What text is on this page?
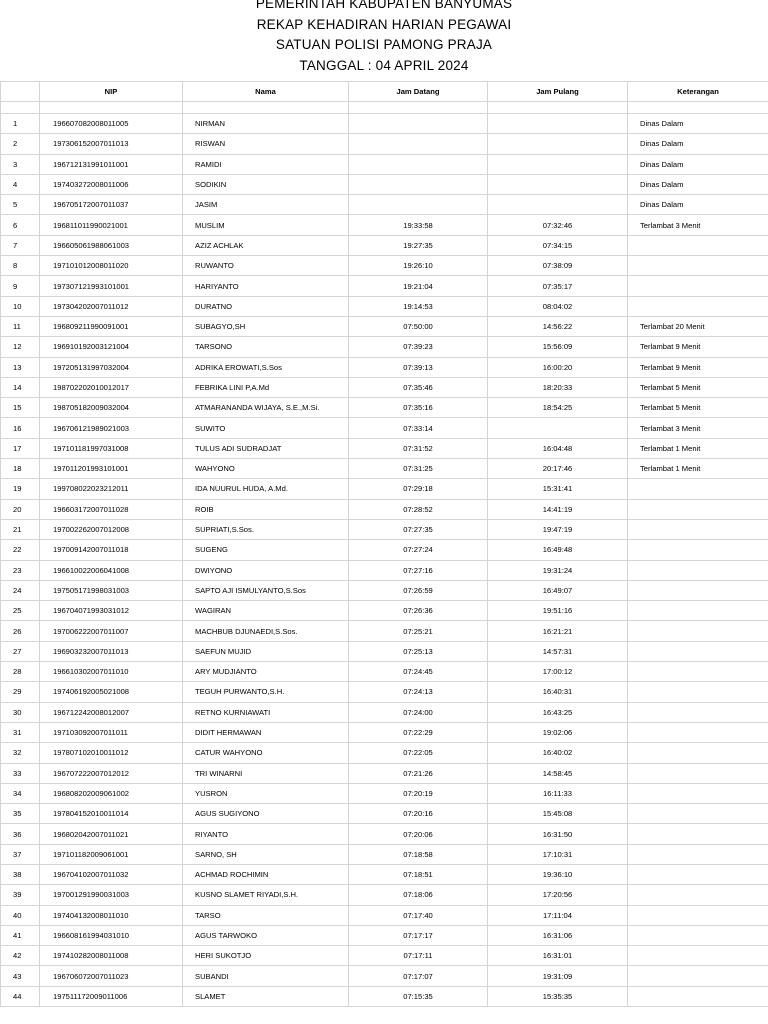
PEMERINTAH KABUPATEN BANYUMAS
REKAP KEHADIRAN HARIAN PEGAWAI
SATUAN POLISI PAMONG PRAJA
TANGGAL : 04 APRIL 2024
	NIP	Nama	Jam Datang	Jam Pulang	Keterangan

1	196607082008011005	NIRMAN			Dinas Dalam
2	197306152007011013	RISWAN			Dinas Dalam
3	196712131991011001	RAMIDI			Dinas Dalam
4	197403272008011006	SODIKIN			Dinas Dalam
5	196705172007011037	JASIM			Dinas Dalam
6	196811011990021001	MUSLIM	19:33:58	07:32:46	Terlambat 3 Menit
7	196605061988061003	AZIZ ACHLAK	19:27:35	07:34:15	
8	197101012008011020	RUWANTO	19:26:10	07:38:09	
9	197307121993101001	HARIYANTO	19:21:04	07:35:17	
10	197304202007011012	DURATNO	19:14:53	08:04:02	
11	196809211990091001	SUBAGYO,SH	07:50:00	14:56:22	Terlambat 20 Menit
12	196910192003121004	TARSONO	07:39:23	15:56:09	Terlambat 9 Menit
13	197205131997032004	ADRIKA EROWATI,S.Sos	07:39:13	16:00:20	Terlambat 9 Menit
14	198702202010012017	FEBRIKA LINI P,A.Md	07:35:46	18:20:33	Terlambat 5 Menit
15	198705182009032004	ATMARANANDA WIJAYA, S.E.,M.Si.	07:35:16	18:54:25	Terlambat 5 Menit
16	196706121989021003	SUWITO	07:33:14		Terlambat 3 Menit
17	197101181997031008	TULUS ADI SUDRADJAT	07:31:52	16:04:48	Terlambat 1 Menit
18	197011201993101001	WAHYONO	07:31:25	20:17:46	Terlambat 1 Menit
19	199708022023212011	IDA NUURUL HUDA, A.Md.	07:29:18	15:31:41	
20	196603172007011028	ROIB	07:28:52	14:41:19	
21	197002262007012008	SUPRIATI,S.Sos.	07:27:35	19:47:19	
22	197009142007011018	SUGENG	07:27:24	16:49:48	
23	196610022006041008	DWIYONO	07:27:16	19:31:24	
24	197505171998031003	SAPTO AJI ISMULYANTO,S.Sos	07:26:59	16:49:07	
25	196704071993031012	WAGIRAN	07:26:36	19:51:16	
26	197006222007011007	MACHBUB DJUNAEDI,S.Sos.	07:25:21	16:21:21	
27	196903232007011013	SAEFUN MUJID	07:25:13	14:57:31	
28	196610302007011010	ARY MUDJIANTO	07:24:45	17:00:12	
29	197406192005021008	TEGUH PURWANTO,S.H.	07:24:13	16:40:31	
30	196712242008012007	RETNO KURNIAWATI	07:24:00	16:43:25	
31	197103092007011011	DIDIT HERMAWAN	07:22:29	19:02:06	
32	197807102010011012	CATUR WAHYONO	07:22:05	16:40:02	
33	196707222007012012	TRI WINARNI	07:21:26	14:58:45	
34	196808202009061002	YUSRON	07:20:19	16:11:33	
35	197804152010011014	AGUS SUGIYONO	07:20:16	15:45:08	
36	196802042007011021	RIYANTO	07:20:06	16:31:50	
37	197101182009061001	SARNO, SH	07:18:58	17:10:31	
38	196704102007011032	ACHMAD ROCHIMIN	07:18:51	19:36:10	
39	197001291990031003	KUSNO SLAMET RIYADI,S.H.	07:18:06	17:20:56	
40	197404132008011010	TARSO	07:17:40	17:11:04	
41	196608161994031010	AGUS TARWOKO	07:17:17	16:31:06	
42	197410282008011008	HERI SUKOTJO	07:17:11	16:31:01	
43	196706072007011023	SUBANDI	07:17:07	19:31:09	
44	197511172009011006	SLAMET	07:15:35	15:35:35	
